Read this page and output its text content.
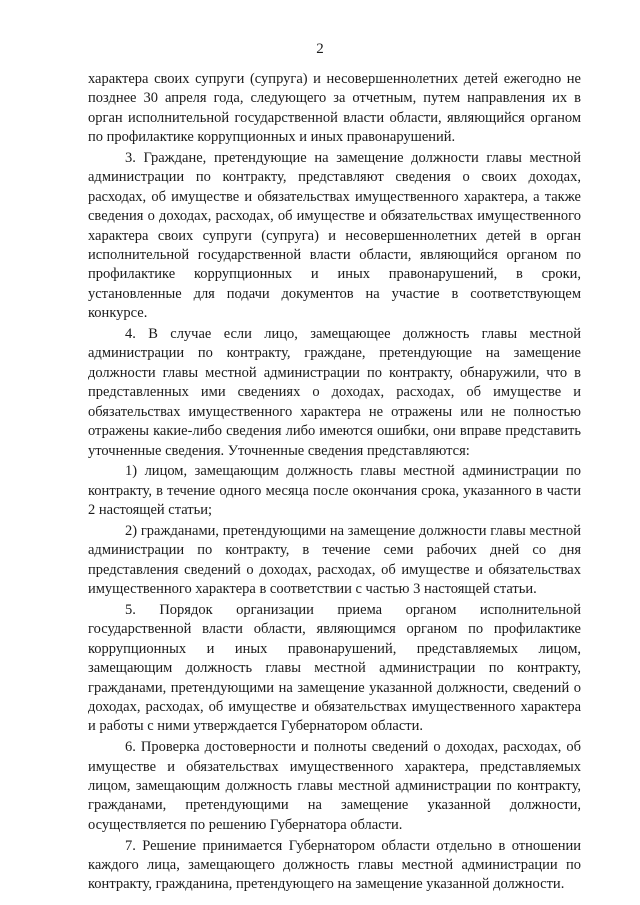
2

характера своих супруги (супруга) и несовершеннолетних детей ежегодно не позднее 30 апреля года, следующего за отчетным, путем направления их в орган исполнительной государственной власти области, являющийся органом по профилактике коррупционных и иных правонарушений.

3. Граждане, претендующие на замещение должности главы местной администрации по контракту, представляют сведения о своих доходах, расходах, об имуществе и обязательствах имущественного характера, а также сведения о доходах, расходах, об имуществе и обязательствах имущественного характера своих супруги (супруга) и несовершеннолетних детей в орган исполнительной государственной власти области, являющийся органом по профилактике коррупционных и иных правонарушений, в сроки, установленные для подачи документов на участие в соответствующем конкурсе.

4. В случае если лицо, замещающее должность главы местной администрации по контракту, граждане, претендующие на замещение должности главы местной администрации по контракту, обнаружили, что в представленных ими сведениях о доходах, расходах, об имуществе и обязательствах имущественного характера не отражены или не полностью отражены какие-либо сведения либо имеются ошибки, они вправе представить уточненные сведения. Уточненные сведения представляются:

1) лицом, замещающим должность главы местной администрации по контракту, в течение одного месяца после окончания срока, указанного в части 2 настоящей статьи;

2) гражданами, претендующими на замещение должности главы местной администрации по контракту, в течение семи рабочих дней со дня представления сведений о доходах, расходах, об имуществе и обязательствах имущественного характера в соответствии с частью 3 настоящей статьи.

5. Порядок организации приема органом исполнительной государственной власти области, являющимся органом по профилактике коррупционных и иных правонарушений, представляемых лицом, замещающим должность главы местной администрации по контракту, гражданами, претендующими на замещение указанной должности, сведений о доходах, расходах, об имуществе и обязательствах имущественного характера и работы с ними утверждается Губернатором области.

6. Проверка достоверности и полноты сведений о доходах, расходах, об имуществе и обязательствах имущественного характера, представляемых лицом, замещающим должность главы местной администрации по контракту, гражданами, претендующими на замещение указанной должности, осуществляется по решению Губернатора области.

7. Решение принимается Губернатором области отдельно в отношении каждого лица, замещающего должность главы местной администрации по контракту, гражданина, претендующего на замещение указанной должности.
